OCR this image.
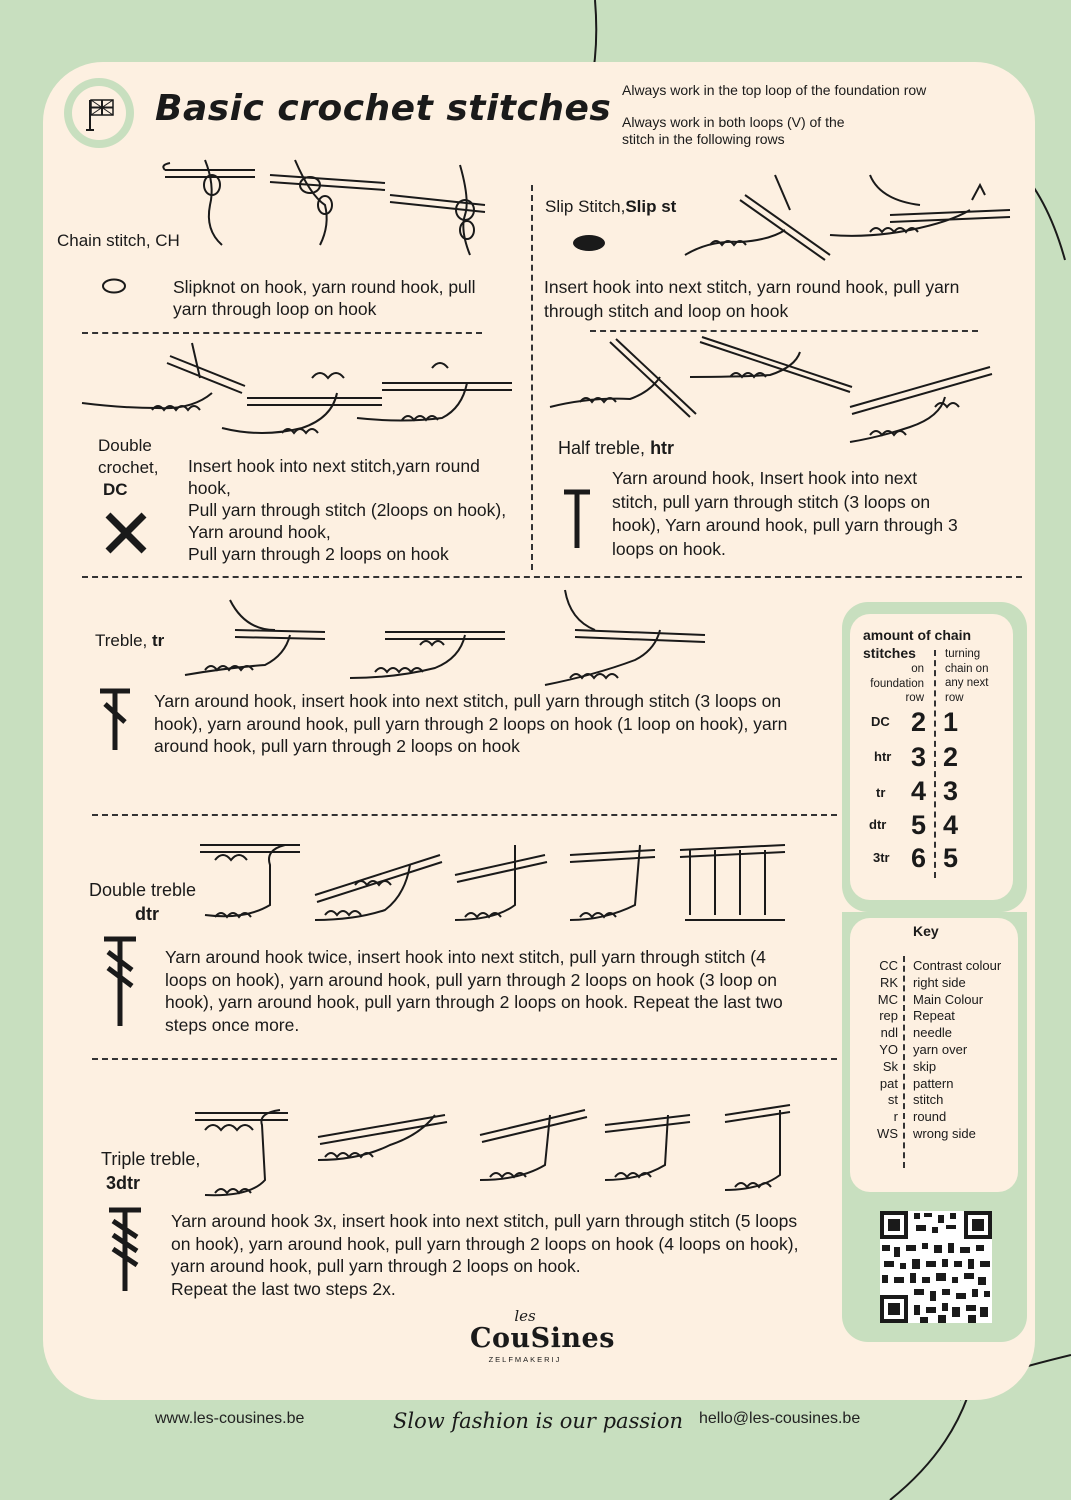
Basic crochet stitches Always work in the top loop of the foundation row
Always work in both loops (V) of the
stitch in the following rows
Chain stitch, CH
Slipknot on hook, yarn round hook, pull
yarn through loop on hook
Slip Stitch,Slip st
Insert hook into next stitch, yarn round hook, pull yarn
through stitch and loop on hook
Double
crochet,
DC
Insert hook into next stitch,yarn round
hook,
Pull yarn through stitch (2loops on hook),
Yarn around hook,
Pull yarn through 2 loops on hook
Half treble, htr
Yarn around hook, Insert hook into next
stitch, pull yarn through stitch (3 loops on
hook), Yarn around hook, pull yarn through 3
loops on hook.
Treble, tr
Yarn around hook, insert hook into next stitch, pull yarn through stitch (3 loops on
hook), yarn around hook, pull yarn through 2 loops on hook (1 loop on hook), yarn
around hook, pull yarn through 2 loops on hook
Double treble
dtr
Yarn around hook twice, insert hook into next stitch, pull yarn through stitch (4
loops on hook), yarn around hook, pull yarn through 2 loops on hook (3 loop on
hook), yarn around hook, pull yarn through 2 loops on hook. Repeat the last two
steps once more.
Triple treble,
3dtr
Yarn around hook 3x, insert hook into next stitch, pull yarn through stitch (5 loops
on hook), yarn around hook, pull yarn through 2 loops on hook (4 loops on hook),
yarn around hook, pull yarn through 2 loops on hook.
Repeat the last two steps 2x.
amount of chain
stitches
on
foundation
row
turning
chain on
any next
row
DC 2 1
htr 3 2
tr 4 3
dtr 5 4
3tr 6 5
Key
CC
RK
MC
rep
ndl
YO
Sk
pat
st
r
WS
Contrast colour
right side
Main Colour
Repeat
needle
yarn over
skip
pattern
stitch
round
wrong side
les
CouSines
ZELFMAKERIJ
www.les-cousines.be	Slow fashion is our passion hello@les-cousines.be
